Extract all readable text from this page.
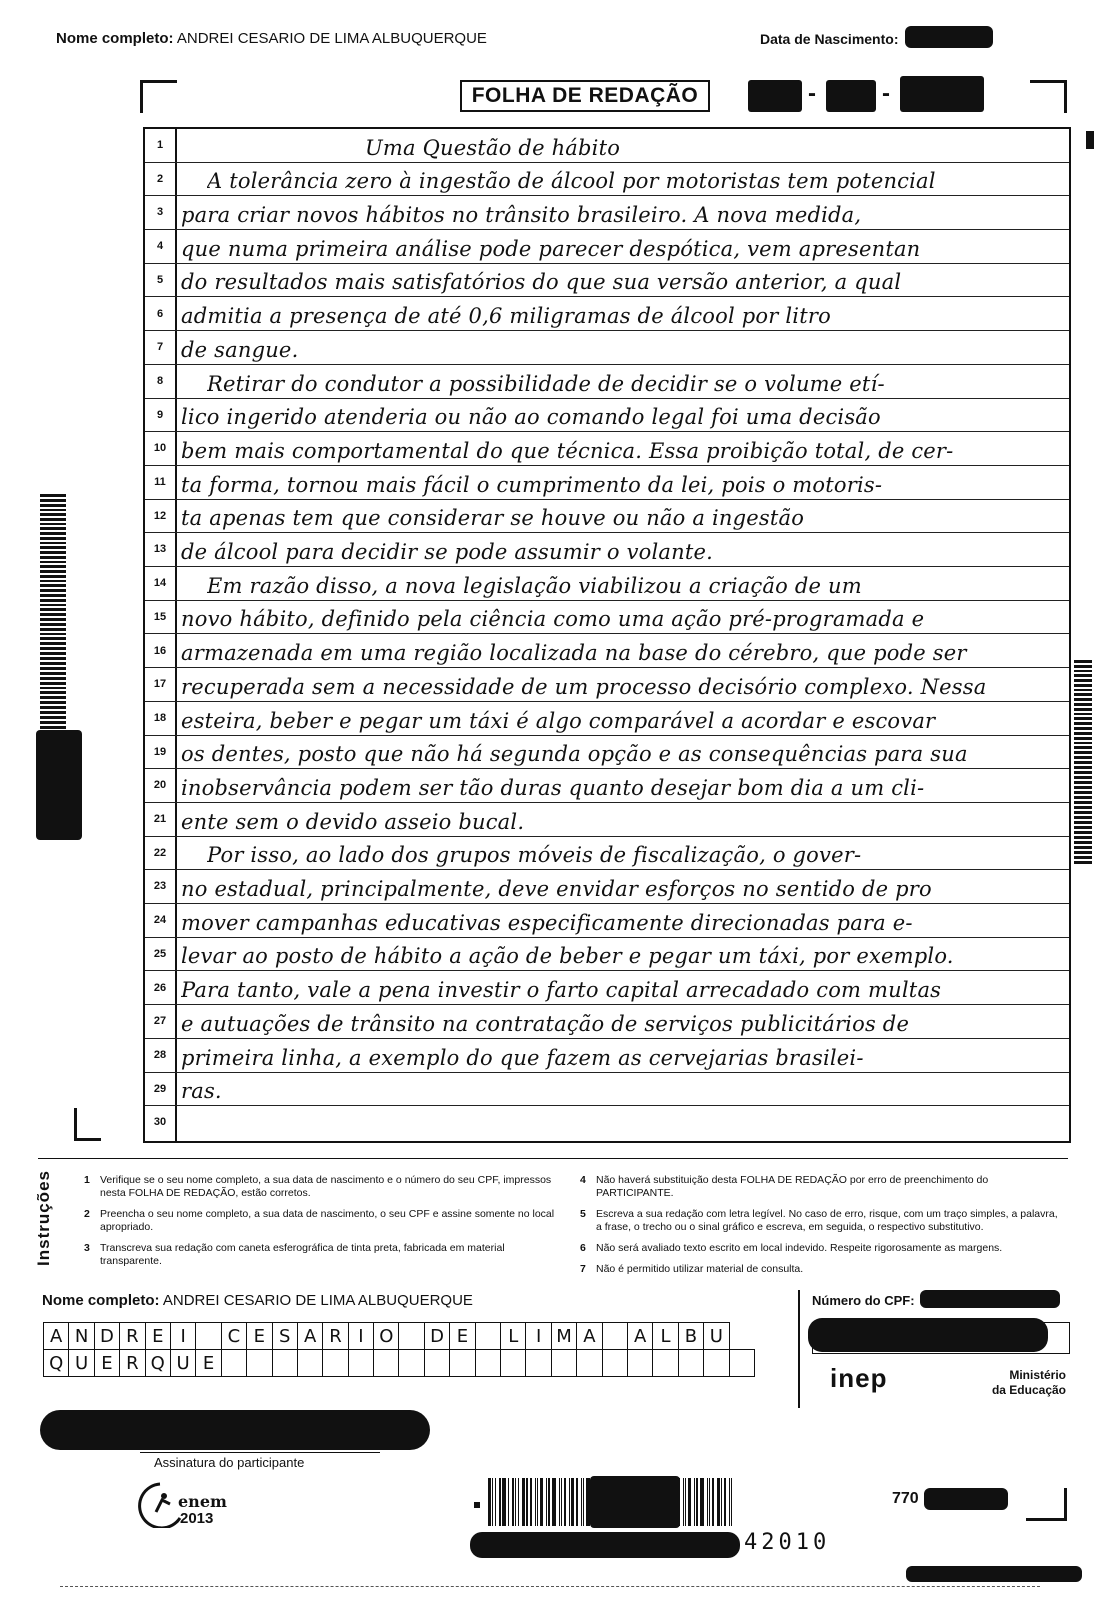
Nome completo: ANDREI CESARIO DE LIMA ALBUQUERQUE	Data de Nascimento:
FOLHA DE REDAÇÃO	-	-
1	Uma Questão de hábito
2	A tolerância zero à ingestão de álcool por motoristas tem potencial
3 para criar novos hábitos no trânsito brasileiro. A nova medida,
4 que numa primeira análise pode parecer despótica, vem apresentan
5 do resultados mais satisfatórios do que sua versão anterior, a qual
6 admitia a presença de até 0,6 miligramas de álcool por litro
7 de sangue.
8	Retirar do condutor a possibilidade de decidir se o volume etí-
9 lico ingerido atenderia ou não ao comando legal foi uma decisão
10 bem mais comportamental do que técnica. Essa proibição total, de cer-
11 ta forma, tornou mais fácil o cumprimento da lei, pois o motoris-
12 ta apenas tem que considerar se houve ou não a ingestão
13 de álcool para decidir se pode assumir o volante.
14	Em razão disso, a nova legislação viabilizou a criação de um
15 novo hábito, definido pela ciência como uma ação pré-programada e
16 armazenada em uma região localizada na base do cérebro, que pode ser
17 recuperada sem a necessidade de um processo decisório complexo. Nessa
18 esteira, beber e pegar um táxi é algo comparável a acordar e escovar
19 os dentes, posto que não há segunda opção e as consequências para sua
20 inobservância podem ser tão duras quanto desejar bom dia a um cli-
21 ente sem o devido asseio bucal.
22	Por isso, ao lado dos grupos móveis de fiscalização, o gover-
23 no estadual, principalmente, deve envidar esforços no sentido de pro
24 mover campanhas educativas especificamente direcionadas para e-
25 levar ao posto de hábito a ação de beber e pegar um táxi, por exemplo.
26 Para tanto, vale a pena investir o farto capital arrecadado com multas
27 e autuações de trânsito na contratação de serviços publicitários de
28 primeira linha, a exemplo do que fazem as cervejarias brasilei-
29 ras.
30
Instruções	1 Verifique se o seu nome completo, a sua data de nascimento e o número do seu CPF, impressos nesta FOLHA DE REDAÇÃO, estão corretos.
2 Preencha o seu nome completo, a sua data de nascimento, o seu CPF e assine somente no local apropriado.
3 Transcreva sua redação com caneta esferográfica de tinta preta, fabricada em material transparente.
4 Não haverá substituição desta FOLHA DE REDAÇÃO por erro de preenchimento do PARTICIPANTE.
5 Escreva a sua redação com letra legível. No caso de erro, risque, com um traço simples, a palavra, a frase, o trecho ou o sinal gráfico e escreva, em seguida, o respectivo substitutivo.
6 Não será avaliado texto escrito em local indevido. Respeite rigorosamente as margens.
7 Não é permitido utilizar material de consulta.
Nome completo: ANDREI CESARIO DE LIMA ALBUQUERQUE
A N D R E I	C E S A R I O	D E	L I M A	A L B U
Q U E R Q U E
Número do CPF:
inep	Ministério
da Educação
Assinatura do participante
enem
2013
42010
770
